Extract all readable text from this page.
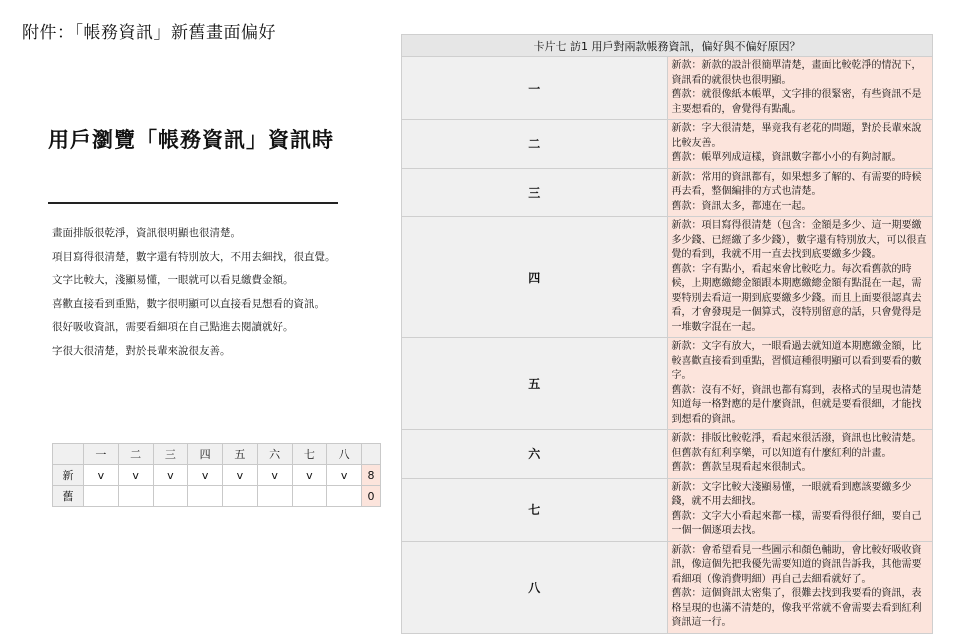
附件：「帳務資訊」新舊畫面偏好
用戶瀏覽「帳務資訊」資訊時
畫面排版很乾淨，資訊很明顯也很清楚。
項目寫得很清楚，數字還有特別放大，不用去細找，很直覺。
文字比較大，淺顯易懂，一眼就可以看見繳費金額。
喜歡直接看到重點，數字很明顯可以直接看見想看的資訊。
很好吸收資訊，需要看細項在自己點進去閱讀就好。
字很大很清楚，對於長輩來說很友善。
	一	二	三	四	五	六	七	八	
新	v	v	v	v	v	v	v	v	8
舊									0
卡片七 訪1 用戶對兩款帳務資訊，偏好與不偏好原因？	
一	新款：新款的設計很簡單清楚，畫面比較乾淨的情況下，資訊看的就很快也很明顯。
舊款：就很像紙本帳單，文字排的很緊密，有些資訊不是主要想看的，會覺得有點亂。

二	新款：字大很清楚，畢竟我有老花的問題，對於長輩來說比較友善。
舊款：帳單列成這樣，資訊數字都小小的有夠討厭。

三	新款：常用的資訊都有，如果想多了解的、有需要的時候再去看，整個編排的方式也清楚。
舊款：資訊太多，都連在一起。

四	新款：項目寫得很清楚（包含：金額是多少、這一期要繳多少錢、已經繳了多少錢），數字還有特別放大，可以很直覺的看到，我就不用一直去找到底要繳多少錢。
舊款：字有點小，看起來會比較吃力。每次看舊款的時候，上期應繳總金額跟本期應繳總金額有點混在一起，需要特別去看這一期到底要繳多少錢。而且上面要很認真去看，才會發現是一個算式，沒特別留意的話，只會覺得是一堆數字混在一起。

五	新款：文字有放大，一眼看過去就知道本期應繳金額，比較喜歡直接看到重點，習慣這種很明顯可以看到要看的數字。
舊款：沒有不好，資訊也都有寫到，表格式的呈現也清楚知道每一格對應的是什麼資訊，但就是要看很細，才能找到想看的資訊。

六	新款：排版比較乾淨，看起來很活潑，資訊也比較清楚。但舊款有紅利享樂，可以知道有什麼紅利的計畫。
舊款：舊款呈現看起來很制式。

七	新款：文字比較大淺顯易懂，一眼就看到應該要繳多少錢，就不用去細找。
舊款：文字大小看起來都一樣，需要看得很仔細，要自己一個一個逐項去找。

八	新款：會希望看見一些圖示和顏色輔助，會比較好吸收資訊，像這個先把我優先需要知道的資訊告訴我，其他需要看細項（像消費明細）再自己去細看就好了。
舊款：這個資訊太密集了，很難去找到我要看的資訊，表格呈現的也滿不清楚的，像我平常就不會需要去看到紅利資訊這一行。
